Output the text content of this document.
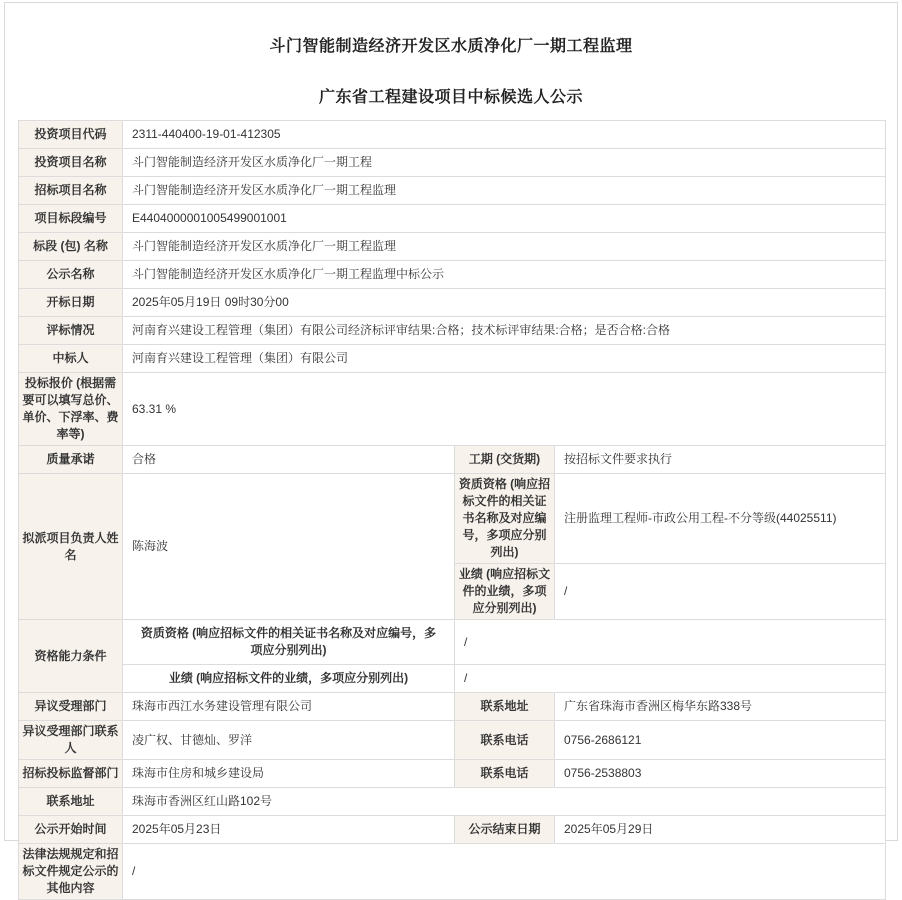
斗门智能制造经济开发区水质净化厂一期工程监理
广东省工程建设项目中标候选人公示
投资项目代码	2311-440400-19-01-412305		
投资项目名称	斗门智能制造经济开发区水质净化厂一期工程		
招标项目名称	斗门智能制造经济开发区水质净化厂一期工程监理		
项目标段编号	E4404000001005499001001		
标段 (包) 名称	斗门智能制造经济开发区水质净化厂一期工程监理		
公示名称	斗门智能制造经济开发区水质净化厂一期工程监理中标公示		
开标日期	2025年05月19日 09时30分00		
评标情况	河南育兴建设工程管理（集团）有限公司经济标评审结果:合格；技术标评审结果:合格；是否合格:合格		
中标人	河南育兴建设工程管理（集团）有限公司		
投标报价 (根据需要可以填写总价、单价、下浮率、费率等)	63.31 %		
质量承诺	合格	工期 (交货期)	按招标文件要求执行
拟派项目负责人姓名	陈海波	资质资格 (响应招标文件的相关证书名称及对应编号，多项应分别列出)	注册监理工程师-市政公用工程-不分等级(44025511)
		业绩 (响应招标文件的业绩，多项应分别列出)	/
资格能力条件	资质资格 (响应招标文件的相关证书名称及对应编号，多项应分别列出)	/	
	业绩 (响应招标文件的业绩，多项应分别列出)	/	
异议受理部门	珠海市西江水务建设管理有限公司	联系地址	广东省珠海市香洲区梅华东路338号
异议受理部门联系人	凌广权、甘德灿、罗洋	联系电话	0756-2686121
招标投标监督部门	珠海市住房和城乡建设局	联系电话	0756-2538803
联系地址	珠海市香洲区红山路102号		
公示开始时间	2025年05月23日	公示结束日期	2025年05月29日
法律法规规定和招标文件规定公示的其他内容	/		
